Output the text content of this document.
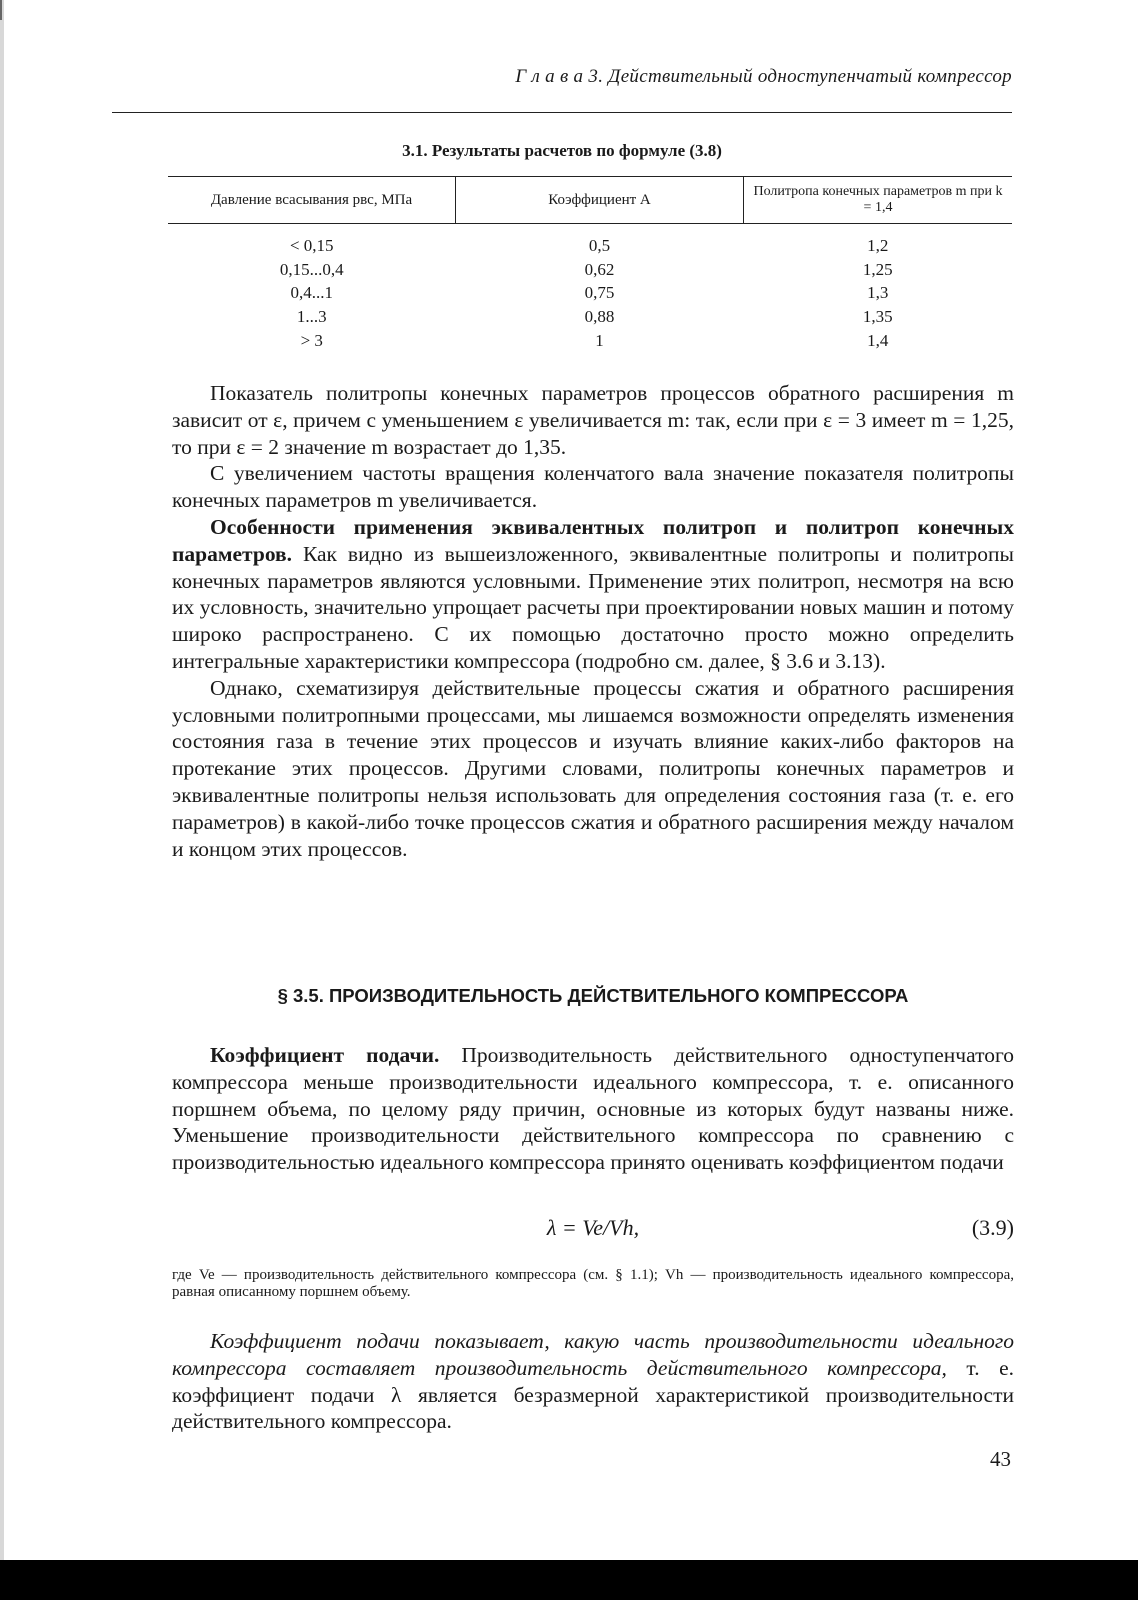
Г л а в а 3. Действительный одноступенчатый компрессор
3.1. Результаты расчетов по формуле (3.8)
Давление всасывания pвс, МПа	Коэффициент A	Политропа конечных параметров m при k = 1,4
< 0,15	0,5	1,2
0,15...0,4	0,62	1,25
0,4...1	0,75	1,3
1...3	0,88	1,35
> 3	1	1,4

Показатель политропы конечных параметров процессов обратного расширения m зависит от ε, причем с уменьшением ε увеличивается m: так, если при ε = 3 имеет m = 1,25, то при ε = 2 значение m возрастает до 1,35.

С увеличением частоты вращения коленчатого вала значение показателя политропы конечных параметров m увеличивается.

Особенности применения эквивалентных политроп и политроп конечных параметров. Как видно из вышеизложенного, эквивалентные политропы и политропы конечных параметров являются условными. Применение этих политроп, несмотря на всю их условность, значительно упрощает расчеты при проектировании новых машин и потому широко распространено. С их помощью достаточно просто можно определить интегральные характеристики компрессора (подробно см. далее, § 3.6 и 3.13).

Однако, схематизируя действительные процессы сжатия и обратного расширения условными политропными процессами, мы лишаемся возможности определять изменения состояния газа в течение этих процессов и изучать влияние каких-либо факторов на протекание этих процессов. Другими словами, политропы конечных параметров и эквивалентные политропы нельзя использовать для определения состояния газа (т. е. его параметров) в какой-либо точке процессов сжатия и обратного расширения между началом и концом этих процессов.

§ 3.5. ПРОИЗВОДИТЕЛЬНОСТЬ ДЕЙСТВИТЕЛЬНОГО КОМПРЕССОРА

Коэффициент подачи. Производительность действительного одноступенчатого компрессора меньше производительности идеального компрессора, т. е. описанного поршнем объема, по целому ряду причин, основные из которых будут названы ниже. Уменьшение производительности действительного компрессора по сравнению с производительностью идеального компрессора принято оценивать коэффициентом подачи

λ = Ve/Vh,	(3.9)
где Ve — производительность действительного компрессора (см. § 1.1); Vh — производительность идеального компрессора, равная описанному поршнем объему.

Коэффициент подачи показывает, какую часть производительности идеального компрессора составляет производительность действительного компрессора, т. е. коэффициент подачи λ является безразмерной характеристикой производительности действительного компрессора.

43
